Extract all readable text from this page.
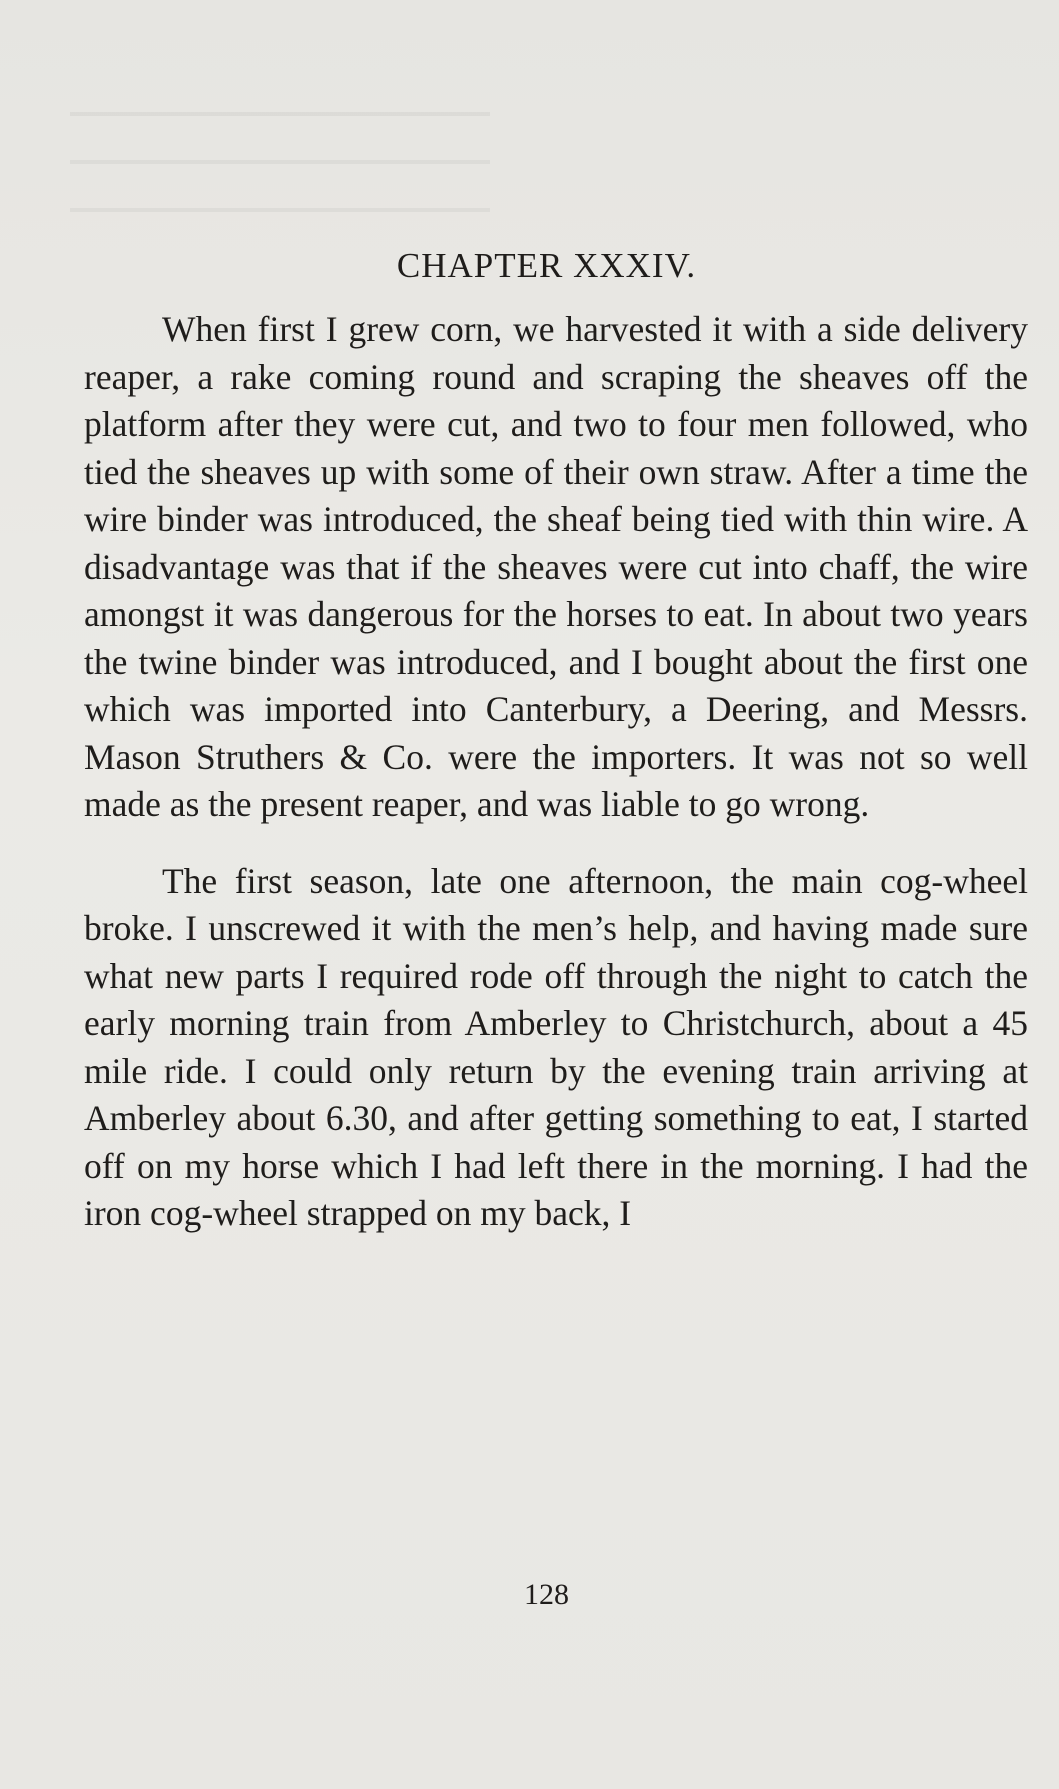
CHAPTER XXXIV.

When first I grew corn, we harvested it with a side delivery reaper, a rake coming round and scraping the sheaves off the platform after they were cut, and two to four men followed, who tied the sheaves up with some of their own straw. After a time the wire binder was introduced, the sheaf being tied with thin wire. A disadvantage was that if the sheaves were cut into chaff, the wire amongst it was dangerous for the horses to eat. In about two years the twine binder was introduced, and I bought about the first one which was imported into Canterbury, a Deering, and Messrs. Mason Struthers & Co. were the importers. It was not so well made as the present reaper, and was liable to go wrong.

The first season, late one afternoon, the main cog-wheel broke. I unscrewed it with the men’s help, and having made sure what new parts I required rode off through the night to catch the early morning train from Amberley to Christchurch, about a 45 mile ride. I could only return by the evening train arriving at Amberley about 6.30, and after getting something to eat, I started off on my horse which I had left there in the morning. I had the iron cog-wheel strapped on my back, I

128
